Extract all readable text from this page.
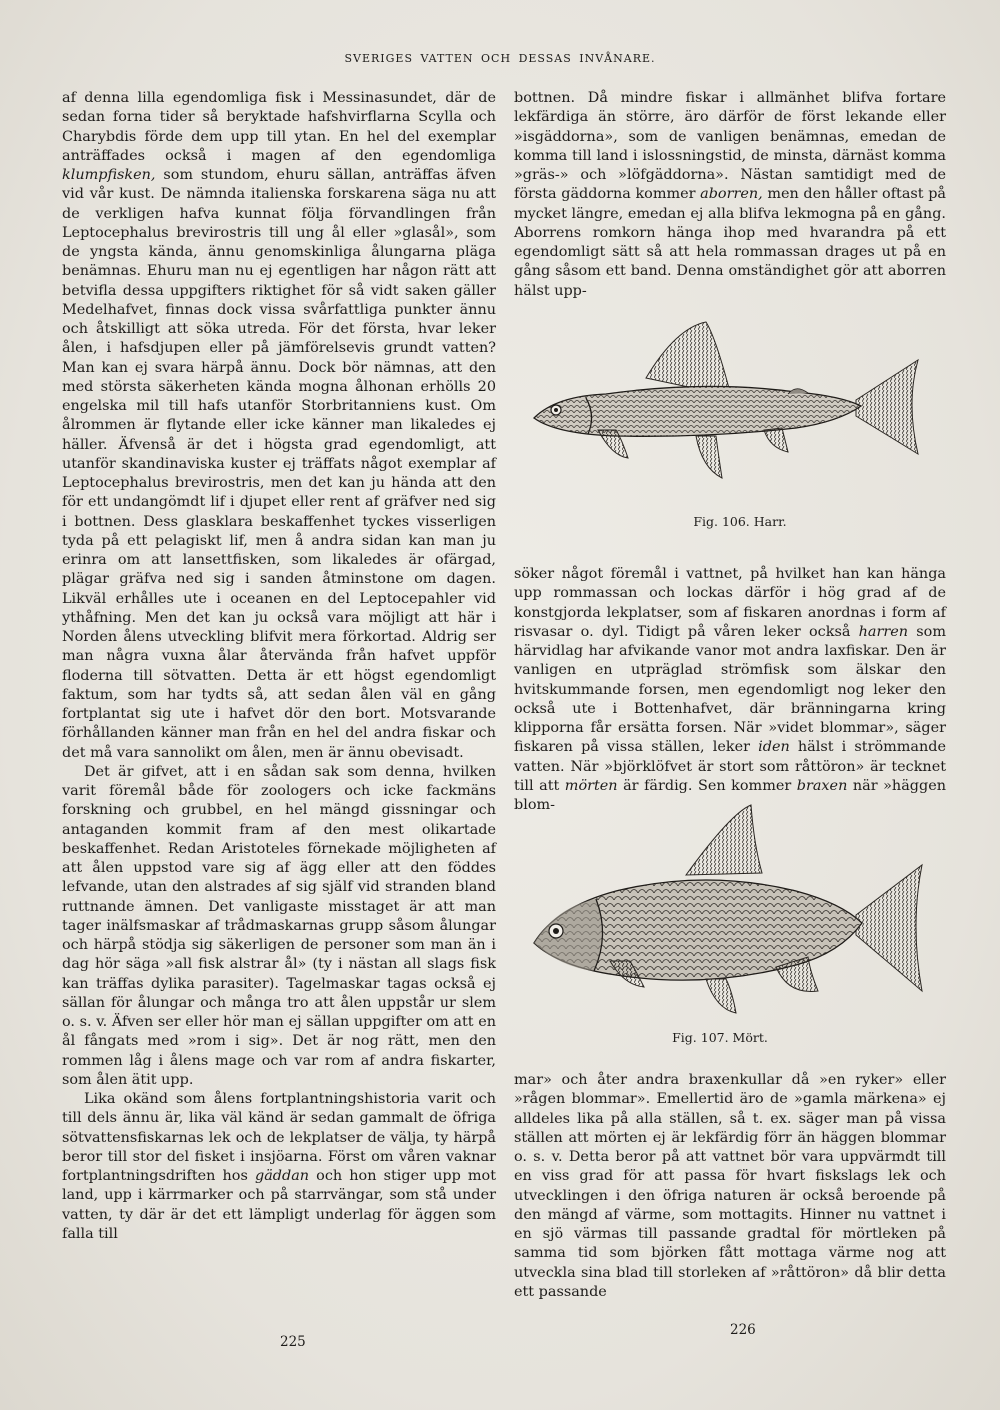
SVERIGES VATTEN OCH DESSAS INVÅNARE.

af denna lilla egendomliga fisk i Messinasundet, där de sedan forna tider så beryktade hafshvirflarna Scylla och Charybdis förde dem upp till ytan. En hel del exemplar anträffades också i magen af den egendomliga klumpfisken, som stundom, ehuru sällan, anträffas äfven vid vår kust. De nämnda italienska forskarena säga nu att de verkligen hafva kunnat följa förvandlingen från Leptocephalus brevirostris till ung ål eller »glasål», som de yngsta kända, ännu genomskinliga ålungarna pläga benämnas. Ehuru man nu ej egentligen har någon rätt att betvifla dessa uppgifters riktighet för så vidt saken gäller Medelhafvet, finnas dock vissa svårfattliga punkter ännu och åtskilligt att söka utreda. För det första, hvar leker ålen, i hafsdjupen eller på jämförelsevis grundt vatten? Man kan ej svara härpå ännu. Dock bör nämnas, att den med största säkerheten kända mogna ålhonan erhölls 20 engelska mil till hafs utanför Storbritanniens kust. Om ålrommen är flytande eller icke känner man likaledes ej häller. Äfvenså är det i högsta grad egendomligt, att utanför skandinaviska kuster ej träffats något exemplar af Leptocephalus brevirostris, men det kan ju hända att den för ett undangömdt lif i djupet eller rent af gräfver ned sig i bottnen. Dess glasklara beskaffenhet tyckes visserligen tyda på ett pelagiskt lif, men å andra sidan kan man ju erinra om att lansettfisken, som likaledes är ofärgad, plägar gräfva ned sig i sanden åtminstone om dagen. Likväl erhålles ute i oceanen en del Leptocepahler vid ythåfning. Men det kan ju också vara möjligt att här i Norden ålens utveckling blifvit mera förkortad. Aldrig ser man några vuxna ålar återvända från hafvet uppför floderna till sötvatten. Detta är ett högst egendomligt faktum, som har tydts så, att sedan ålen väl en gång fortplantat sig ute i hafvet dör den bort. Motsvarande förhållanden känner man från en hel del andra fiskar och det må vara sannolikt om ålen, men är ännu obevisadt.

Det är gifvet, att i en sådan sak som denna, hvilken varit föremål både för zoologers och icke fackmäns forskning och grubbel, en hel mängd gissningar och antaganden kommit fram af den mest olikartade beskaffenhet. Redan Aristoteles förnekade möjligheten af att ålen uppstod vare sig af ägg eller att den föddes lefvande, utan den alstrades af sig själf vid stranden bland ruttnande ämnen. Det vanligaste misstaget är att man tager inälfsmaskar af trådmaskarnas grupp såsom ålungar och härpå stödja sig säkerligen de personer som man än i dag hör säga »all fisk alstrar ål» (ty i nästan all slags fisk kan träffas dylika parasiter). Tagelmaskar tagas också ej sällan för ålungar och många tro att ålen uppstår ur slem o. s. v. Äfven ser eller hör man ej sällan uppgifter om att en ål fångats med »rom i sig». Det är nog rätt, men den rommen låg i ålens mage och var rom af andra fiskarter, som ålen ätit upp.

Lika okänd som ålens fortplantningshistoria varit och till dels ännu är, lika väl känd är sedan gammalt de öfriga sötvattensfiskarnas lek och de lekplatser de välja, ty härpå beror till stor del fisket i insjöarna. Först om våren vaknar fortplantningsdriften hos gäddan och hon stiger upp mot land, upp i kärrmarker och på starrvängar, som stå under vatten, ty där är det ett lämpligt underlag för äggen som falla till

bottnen. Då mindre fiskar i allmänhet blifva fortare lekfärdiga än större, äro därför de först lekande eller »isgäddorna», som de vanligen benämnas, emedan de komma till land i islossningstid, de minsta, därnäst komma »gräs-» och »löfgäddorna». Nästan samtidigt med de första gäddorna kommer aborren, men den håller oftast på mycket längre, emedan ej alla blifva lekmogna på en gång. Aborrens romkorn hänga ihop med hvarandra på ett egendomligt sätt så att hela rommassan drages ut på en gång såsom ett band. Denna omständighet gör att aborren hälst upp-

Fig. 106. Harr.

söker något föremål i vattnet, på hvilket han kan hänga upp rommassan och lockas därför i hög grad af de konstgjorda lekplatser, som af fiskaren anordnas i form af risvasar o. dyl. Tidigt på våren leker också harren som härvidlag har afvikande vanor mot andra laxfiskar. Den är vanligen en utpräglad strömfisk som älskar den hvitskummande forsen, men egendomligt nog leker den också ute i Bottenhafvet, där bränningarna kring klipporna får ersätta forsen. När »videt blommar», säger fiskaren på vissa ställen, leker iden hälst i strömmande vatten. När »björklöfvet är stort som råttöron» är tecknet till att mörten är färdig. Sen kommer braxen när »häggen blom-

Fig. 107. Mört.

mar» och åter andra braxenkullar då »en ryker» eller »rågen blommar». Emellertid äro de »gamla märkena» ej alldeles lika på alla ställen, så t. ex. säger man på vissa ställen att mörten ej är lekfärdig förr än häggen blommar o. s. v. Detta beror på att vattnet bör vara uppvärmdt till en viss grad för att passa för hvart fiskslags lek och utvecklingen i den öfriga naturen är också beroende på den mängd af värme, som mottagits. Hinner nu vattnet i en sjö värmas till passande gradtal för mörtleken på samma tid som björken fått mottaga värme nog att utveckla sina blad till storleken af »råttöron» då blir detta ett passande

225
226
